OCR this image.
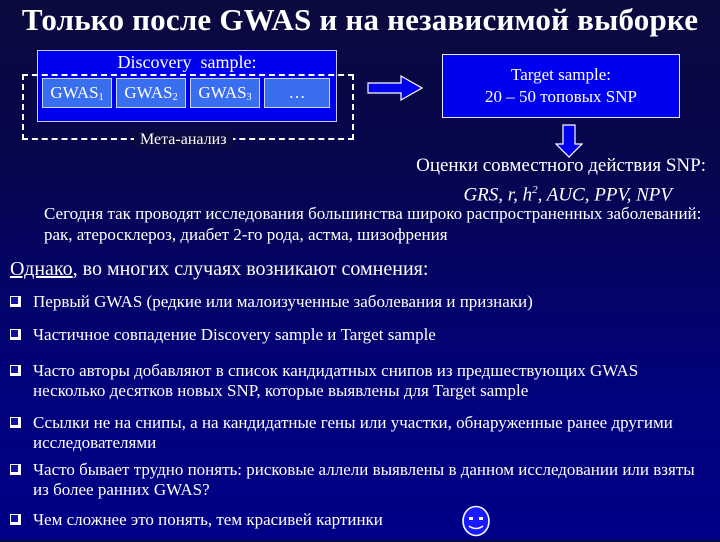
Только после GWAS и на независимой выборке
Discovery  sample:
$GWAS_1$	$GWAS_2$	$GWAS_3$	…
Мета-анализ
Target sample:
20 – 50 топовых SNP
Оценки совместного действия SNP:
GRS, r, $h^2$, AUC, PPV, NPV
Сегодня так проводят исследования большинства широко распространенных заболеваний: рак, атеросклероз, диабет 2-го рода, астма, шизофрения
Однако, во многих случаях возникают сомнения:
Первый GWAS (редкие или малоизученные заболевания и признаки)
Частичное совпадение Discovery sample и Target sample
Часто авторы добавляют в список кандидатных снипов из предшествующих GWAS несколько десятков новых SNP, которые выявлены для Target sample
Ссылки не на снипы, а на кандидатные гены или участки, обнаруженные ранее другими исследователями
Часто бывает трудно понять: рисковые аллели выявлены в данном исследовании или взяты из более ранних GWAS?
Чем сложнее это понять, тем красивей картинки
